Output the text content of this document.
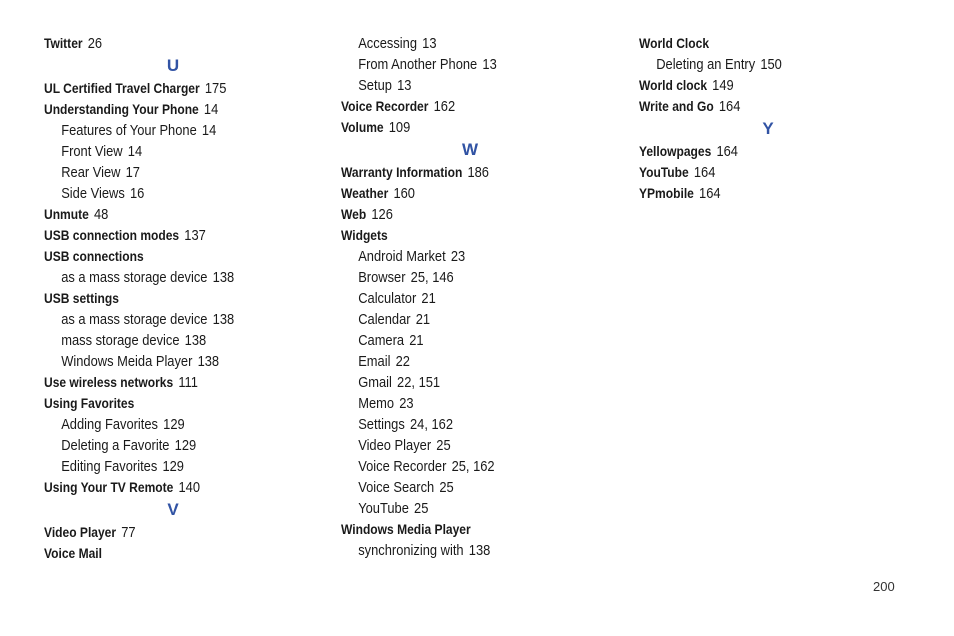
Twitter 26
U
UL Certified Travel Charger 175
Understanding Your Phone 14
Features of Your Phone 14
Front View 14
Rear View 17
Side Views 16
Unmute 48
USB connection modes 137
USB connections
as a mass storage device 138
USB settings
as a mass storage device 138
mass storage device 138
Windows Meida Player 138
Use wireless networks 111
Using Favorites
Adding Favorites 129
Deleting a Favorite 129
Editing Favorites 129
Using Your TV Remote 140
V
Video Player 77
Voice Mail
Accessing 13
From Another Phone 13
Setup 13
Voice Recorder 162
Volume 109
W
Warranty Information 186
Weather 160
Web 126
Widgets
Android Market 23
Browser 25, 146
Calculator 21
Calendar 21
Camera 21
Email 22
Gmail 22, 151
Memo 23
Settings 24, 162
Video Player 25
Voice Recorder 25, 162
Voice Search 25
YouTube 25
Windows Media Player
synchronizing with 138
World Clock
Deleting an Entry 150
World clock 149
Write and Go 164
Y
Yellowpages 164
YouTube 164
YPmobile 164
200
